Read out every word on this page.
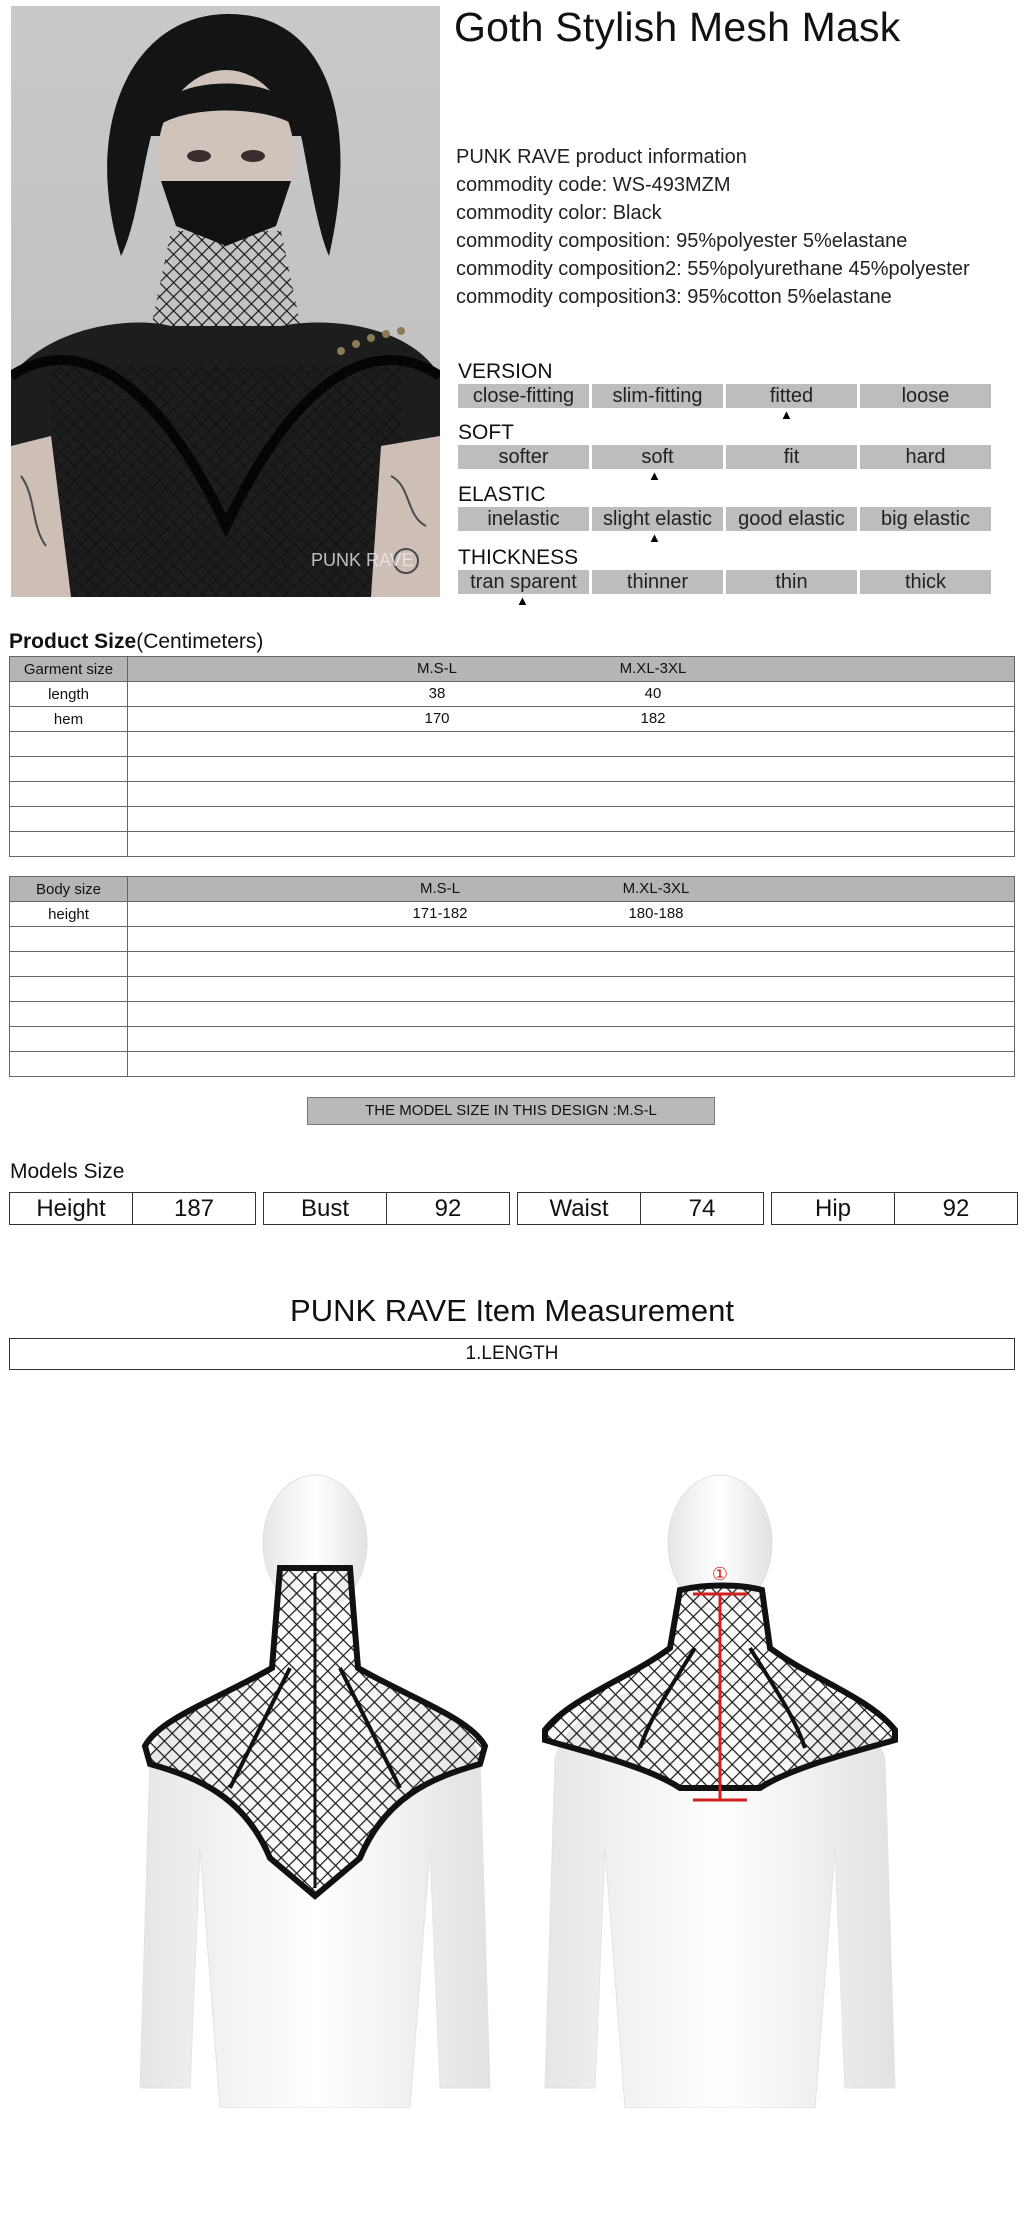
PUNK RAVE
Goth Stylish Mesh Mask
PUNK RAVE product information
commodity code: WS-493MZM
commodity color: Black
commodity composition: 95%polyester 5%elastane
commodity composition2: 55%polyurethane 45%polyester
commodity composition3: 95%cotton 5%elastane
VERSION
close-fitting	slim-fitting	fitted	loose
▲
SOFT
softer	soft	fit	hard
▲
ELASTIC
inelastic	slight elastic	good elastic	big elastic
▲
THICKNESS
tran sparent	thinner	thin	thick
▲
Product Size(Centimeters)
Garment size	M.S-L M.XL-3XL

length	38 40

hem	170 182

Body size	M.S-L M.XL-3XL

height	171-182 180-188

THE MODEL SIZE IN THIS DESIGN :M.S-L
Models Size
Height	187	Bust	92	Waist	74	Hip	92
PUNK RAVE Item Measurement
1.LENGTH
①
